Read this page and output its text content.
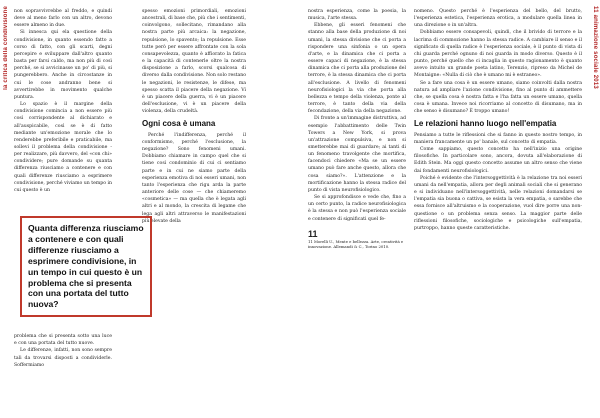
la critica della condivisione non sopravvivrebbe al freddo, e quindi deve al meno farlo con un altro, devono essere almeno in due.

Si innesca qui ela questione della condivisione, in quanto essendo fatto a corso di fatto, con gli scarti, degni percepire e sviluppare dall'altro quanto basta per farsi caldo, ma non più di così perché, se si avvicinasse un po' di più, si pungerebbero. Anche in circostanze in cui le cose andranno bene si avvertirebbe in movimento qualche puntura.

Lo spazio è il margine della condivisione comincia a non essere più così corrispondente al dichiarato e all'auspicabile, così se è di fatto mediante un'emozione morale che lo renderebbe preferibile e praticabile, ma sollevi il problema della condivisione - per realizzare, più davvero, del «con chi» condividere; pure domande su quanta differenza riusciamo a contenere e con quali differenze riusciamo a esprimere condivisione, perché viviamo un tempo in cui questo è un

problema che si presenta sotto una luce e con una portata del tutto nuove.

Le differenze, infatti, non sono sempre tali da trovarsi disposti a condividerle. Soffermiamo

spesso emozioni primordiali, emozioni ancestrali, di base che, più che i sentimenti, coinvolgono, sollecitano, rimandano alla nostra parte più arcaica: la negazione, repulsione, lo spavento; la repulsione. Esse tutte però per essere affrontate con la sola consapevolezza, quanto è affiorato la fatica e la capacità di contenerle oltre la nostra disposizione a farlo, scorsi qualcosa di diverso dalla condivisione. Non solo restano le negazioni, le resistenze, le difese, ma spesso scatta il piacere della negazione. Vi è un piacere della guerra, vi è un piacere dell'esclusione, vi è un piacere della violenza, della crudeltà.

Ogni cosa è umana

Perché l'indifferenza, perché il conformismo, perché l'esclusione, la negazione? Sono fenomeni umani. Dobbiamo chiamare in campo quel che si tiene così condominio di cui ci sentiamo parte e in cui ne siamo parte della esperienza emotiva di noi esseri umani, non tanto l'esperienza che rigu arda la parte anteriore delle cose — che chiameremo «cosmetica» — ma quella che è legata agli altri e al mondo, la crescita di legame che lega agli altri attraverso le manifestazioni più elevate della

Quanta differenza riusciamo a contenere e con quali differenze riusciamo a esprimere condivisione, in un tempo in cui questo è un problema che si presenta con una portata del tutto nuova?
11 animazione sociale 2013

nostra esperienza, come la poesia, la musica, l'arte stessa.

Ebbene, gli esseri fenomeni che stanno alla base della produzione di noi umani, la stessa divisione che ci porta a rispondere una sinfonia o un opera d'arte, e la dinamica che ci porta a essere capaci di negazione, è la stessa dinamica che ci porta alla produzione del terrore, è la stessa dinamica che ci porta all'esclusione. A livello di fenomeni neurofisiologici la via che porta alla bellezza e tempo della violenza, ponte al terrore, è tanto della via della fecondazione, della via della negazione.

Di fronte a un'immagine distruttiva, ad esempio l'abbattimento delle Twin Towers a New York, si prova un'attrazione compulsiva, e non si smetterebbe mai di guardare; ai tanti di un fenomeno travolgente che mortifica, facendoci chiedere «Ma se un essere umano può fare anche questo, allora che cosa siamo?». L'attenzione e la mortificazione hanno la stessa radice del punto di vista neurofisiologico.

Se si approfondisce e vede che, fino a un certo punto, la radice neurofisiologica è la stessa e non può l'esperienza sociale e contenere di significati quel fe-

11
11 Morelli U., Mente e bellezza. Arte, creatività e innovazione. Allemandi & C., Torino 2010.

nomeno. Questo perché è l'esperienza del bello, del brutto, l'esperienza estetica, l'esperienza erotica, a modulare quella linea in una direzione o in un'altra.

Dobbiamo essere consapevoli, quindi, che il brivido di terrore e la lacrima di commozione hanno la stessa radice. A cambiare il senso e il significato di quella radice è l'esperienza sociale, è il punto di vista di chi guarda perché ognuno di noi guarda in modo diverso. Questo è il punto, perché quello che ci incaglia in questo ragionamento è quanto avevo intuito un grande poeta latino, Terenzio, ripreso da Michel de Montaigne: «Nulla di ciò che è umano mi è estraneo».

Se a fare una cosa è un essere umano, siamo coinvolti dalla nostra natura ad ampliare l'azione condivisione, fino al punto di ammettere che, se quella cosa è nostra fatta e l'ha fatta un essere umano, quella cosa è umana. Invece noi ricorriamo al concetto di disumano, ma in che senso è disumano? È troppo umano!

Le relazioni hanno luogo nell'empatia

Pensiamo a tutte le riflessioni che si fanno in questo nostro tempo, in maniera francamente un po' banale, sul concetto di empatia.

Come sappiamo, questo concetto ha nell'inizio una origine filosofiche. In particolare sono, ancora, dovuta all'elaborazione di Edith Stein. Ma oggi questo concetto assume un altro senso che viene dai fondamenti neurofisiologici.

Poiché è evidente che l'intersoggettività è la relazione tra noi esseri umani da nell'empatia, allora per degli animali sociali che si generano e si individuano nell'intersoggettività, nelle relazioni domandarsi se l'empatia sia buona o cattiva, se esista la vera empatia, o sarebbe che essa fornisce all'altruismo e la cooperazione, vuol dire porre una non-questione o un problema senza senso. La maggior parte delle riflessioni filosofiche, sociologiche e psicologiche sull'empatia, purtroppo, hanno queste caratteristiche.
